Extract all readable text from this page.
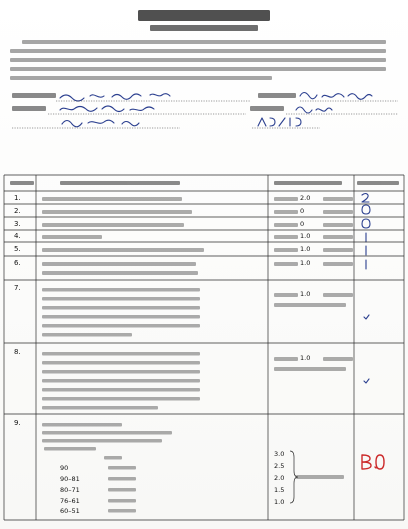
1.
2.
3.
4.
5.
6.
7.
8.
9.
2.0
0
0
1.0
1.0
1.0
1.0
1.0
90
90–81
80–71
76–61
60–51
3.0
2.5
2.0
1.5
1.0
